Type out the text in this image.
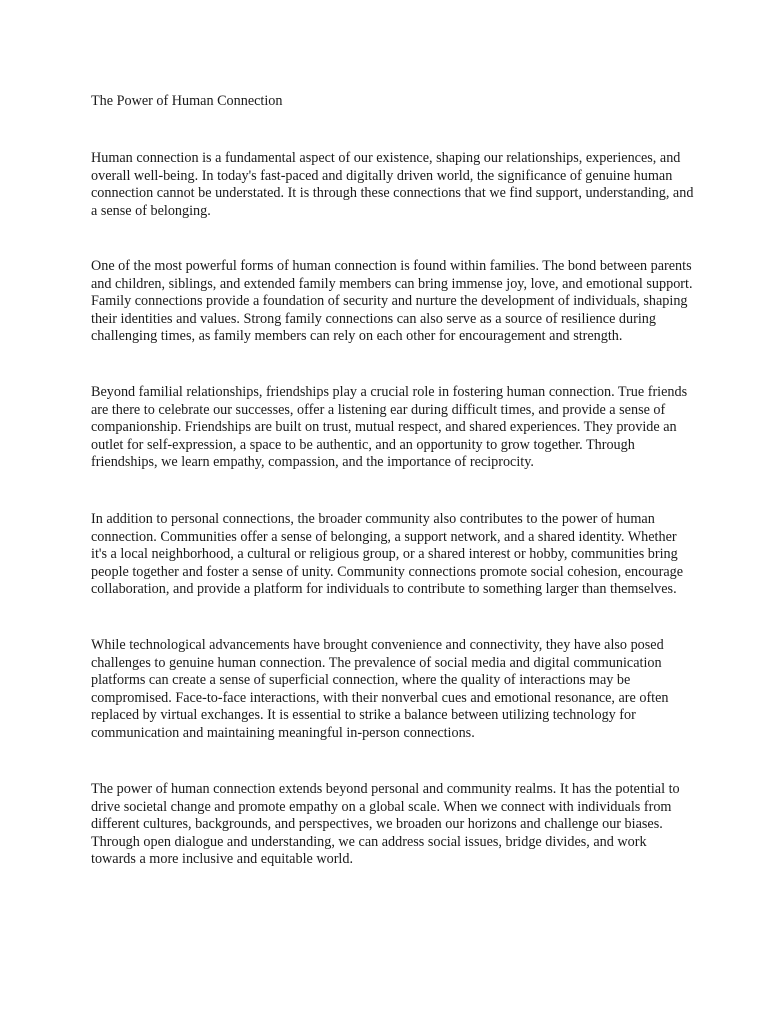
The Power of Human Connection
Human connection is a fundamental aspect of our existence, shaping our relationships, experiences, and
overall well-being. In today's fast-paced and digitally driven world, the significance of genuine human
connection cannot be understated. It is through these connections that we find support, understanding, and
a sense of belonging.
One of the most powerful forms of human connection is found within families. The bond between parents
and children, siblings, and extended family members can bring immense joy, love, and emotional support.
Family connections provide a foundation of security and nurture the development of individuals, shaping
their identities and values. Strong family connections can also serve as a source of resilience during
challenging times, as family members can rely on each other for encouragement and strength.
Beyond familial relationships, friendships play a crucial role in fostering human connection. True friends
are there to celebrate our successes, offer a listening ear during difficult times, and provide a sense of
companionship. Friendships are built on trust, mutual respect, and shared experiences. They provide an
outlet for self-expression, a space to be authentic, and an opportunity to grow together. Through
friendships, we learn empathy, compassion, and the importance of reciprocity.
In addition to personal connections, the broader community also contributes to the power of human
connection. Communities offer a sense of belonging, a support network, and a shared identity. Whether
it's a local neighborhood, a cultural or religious group, or a shared interest or hobby, communities bring
people together and foster a sense of unity. Community connections promote social cohesion, encourage
collaboration, and provide a platform for individuals to contribute to something larger than themselves.
While technological advancements have brought convenience and connectivity, they have also posed
challenges to genuine human connection. The prevalence of social media and digital communication
platforms can create a sense of superficial connection, where the quality of interactions may be
compromised. Face-to-face interactions, with their nonverbal cues and emotional resonance, are often
replaced by virtual exchanges. It is essential to strike a balance between utilizing technology for
communication and maintaining meaningful in-person connections.
The power of human connection extends beyond personal and community realms. It has the potential to
drive societal change and promote empathy on a global scale. When we connect with individuals from
different cultures, backgrounds, and perspectives, we broaden our horizons and challenge our biases.
Through open dialogue and understanding, we can address social issues, bridge divides, and work
towards a more inclusive and equitable world.
